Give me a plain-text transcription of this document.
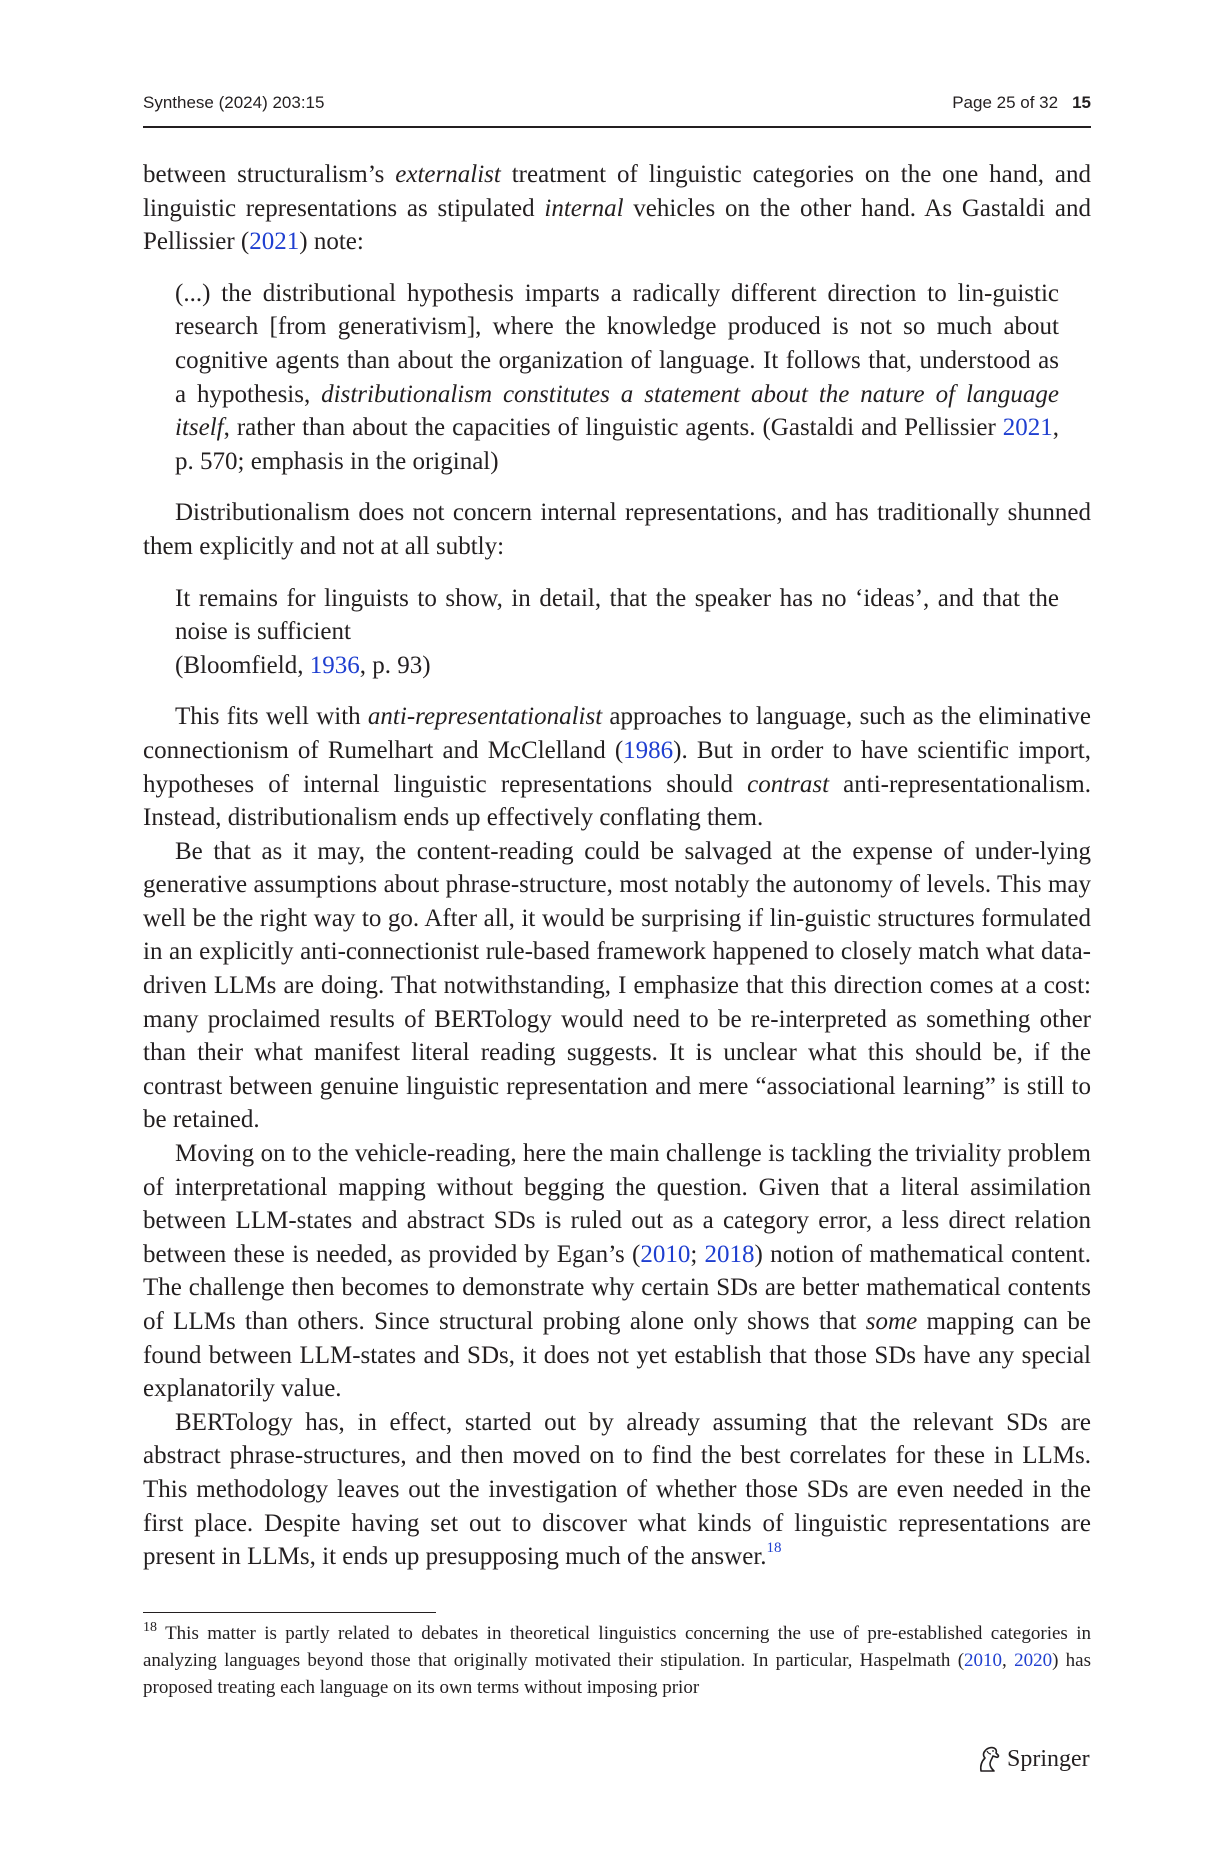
Synthese (2024) 203:15	Page 25 of 32 15

between structuralism’s externalist treatment of linguistic categories on the one hand, and linguistic representations as stipulated internal vehicles on the other hand. As Gastaldi and Pellissier (2021) note:

(...) the distributional hypothesis imparts a radically different direction to lin-guistic research [from generativism], where the knowledge produced is not so much about cognitive agents than about the organization of language. It follows that, understood as a hypothesis, distributionalism constitutes a statement about the nature of language itself, rather than about the capacities of linguistic agents. (Gastaldi and Pellissier 2021, p. 570; emphasis in the original)

Distributionalism does not concern internal representations, and has traditionally shunned them explicitly and not at all subtly:

It remains for linguists to show, in detail, that the speaker has no ‘ideas’, and that the noise is sufficient

(Bloomfield, 1936, p. 93)

This fits well with anti-representationalist approaches to language, such as the eliminative connectionism of Rumelhart and McClelland (1986). But in order to have scientific import, hypotheses of internal linguistic representations should contrast anti-representationalism. Instead, distributionalism ends up effectively conflating them.

Be that as it may, the content-reading could be salvaged at the expense of under-lying generative assumptions about phrase-structure, most notably the autonomy of levels. This may well be the right way to go. After all, it would be surprising if lin-guistic structures formulated in an explicitly anti-connectionist rule-based framework happened to closely match what data-driven LLMs are doing. That notwithstanding, I emphasize that this direction comes at a cost: many proclaimed results of BERTology would need to be re-interpreted as something other than their what manifest literal reading suggests. It is unclear what this should be, if the contrast between genuine linguistic representation and mere “associational learning” is still to be retained.

Moving on to the vehicle-reading, here the main challenge is tackling the triviality problem of interpretational mapping without begging the question. Given that a literal assimilation between LLM-states and abstract SDs is ruled out as a category error, a less direct relation between these is needed, as provided by Egan’s (2010; 2018) notion of mathematical content. The challenge then becomes to demonstrate why certain SDs are better mathematical contents of LLMs than others. Since structural probing alone only shows that some mapping can be found between LLM-states and SDs, it does not yet establish that those SDs have any special explanatorily value.

BERTology has, in effect, started out by already assuming that the relevant SDs are abstract phrase-structures, and then moved on to find the best correlates for these in LLMs. This methodology leaves out the investigation of whether those SDs are even needed in the first place. Despite having set out to discover what kinds of linguistic representations are present in LLMs, it ends up presupposing much of the answer.$^{18}$

$^{18}$ This matter is partly related to debates in theoretical linguistics concerning the use of pre-established categories in analyzing languages beyond those that originally motivated their stipulation. In particular, Haspelmath (2010, 2020) has proposed treating each language on its own terms without imposing prior
Springer
